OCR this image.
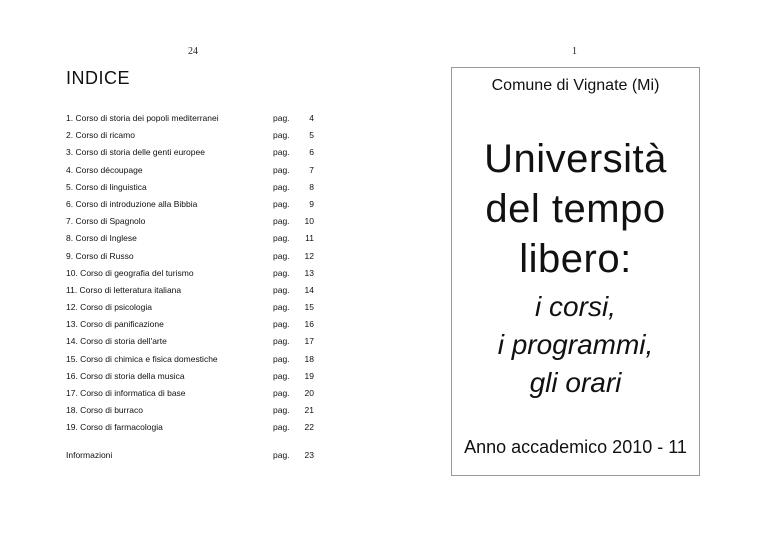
24	1
INDICE
1. Corso di storia dei popoli mediterranei	pag.	4
2. Corso di ricamo	pag.	5
3. Corso di storia delle genti europee	pag.	6
4. Corso découpage	pag.	7
5. Corso di linguistica	pag.	8
6. Corso di introduzione alla Bibbia	pag.	9
7. Corso di Spagnolo	pag.	10
8. Corso di Inglese	pag.	11
9. Corso di Russo	pag.	12
10. Corso di geografia del turismo	pag.	13
11. Corso di letteratura italiana	pag.	14
12. Corso di psicologia	pag.	15
13. Corso di panificazione	pag.	16
14. Corso di storia dell'arte	pag.	17
15. Corso di chimica e fisica domestiche	pag.	18
16. Corso di storia della musica	pag.	19
17. Corso di informatica di base	pag.	20
18. Corso di burraco	pag.	21
19. Corso di farmacologia	pag.	22
Informazioni	pag.	23
Comune di Vignate (Mi)
Università
del tempo
libero:
i corsi,
i programmi,
gli orari
Anno accademico 2010 - 11
